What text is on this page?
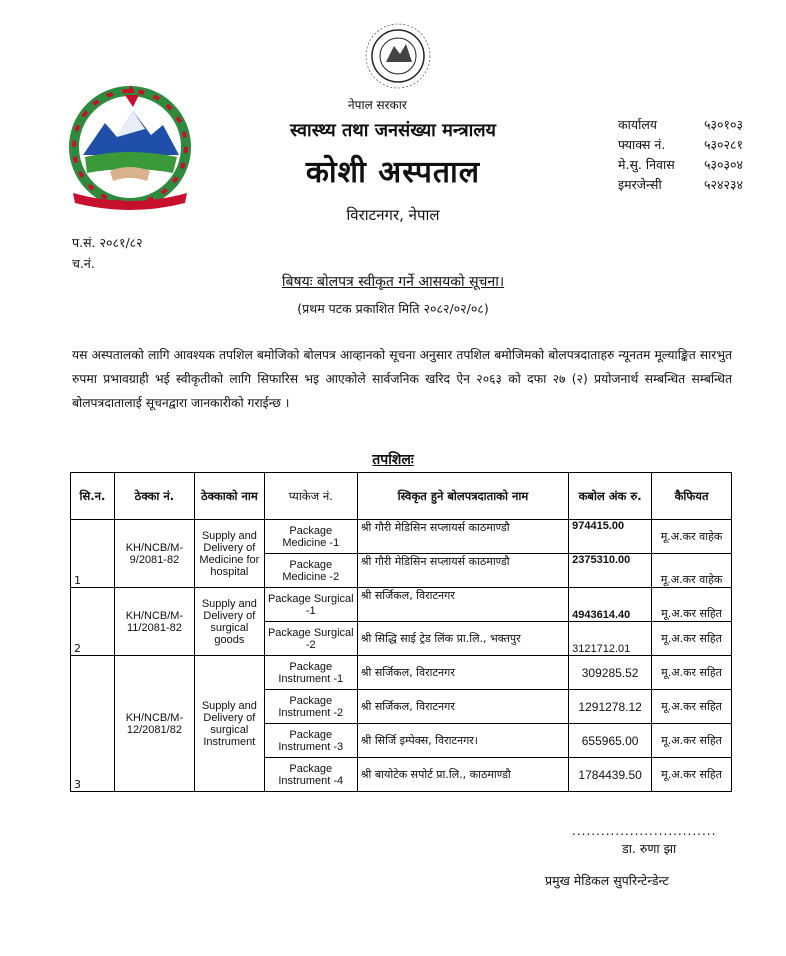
नेपाल सरकार
स्वास्थ्य तथा जनसंख्या मन्त्रालय
कोशी अस्पताल
विराटनगर, नेपाल
कार्यालय	५३०१०३
फ्याक्स नं.	५३०२८१
मे.सु. निवास	५३०३०४
इमरजेन्सी	५२४२३४
प.सं. २०८१/८२
च.नं.
बिषयः बोलपत्र स्वीकृत गर्ने आसयको सूचना।
(प्रथम पटक प्रकाशित मिति २०८२/०२/०८)
यस अस्पतालको लागि आवश्यक तपशिल बमोजिको बोलपत्र आव्हानको सूचना अनुसार तपशिल बमोजिमको बोलपत्रदाताहरु न्यूनतम मूल्याङ्कित सारभुत रुपमा प्रभावग्राही भई स्वीकृतीको लागि सिफारिस भइ आएकोले सार्वजनिक खरिद ऐन २०६३ को दफा २७ (२) प्रयोजनार्थ सम्बन्धित सम्बन्धित बोलपत्रदातालाई सूचनद्वारा जानकारीको गराईन्छ ।
तपशिलः
सि.न.	ठेक्का नं.	ठेक्काको नाम	प्याकेज नं.	स्विकृत हुने बोलपत्रदाताको नाम	कबोल अंक रु.	कैफियत
1	KH/NCB/M-9/2081-82	Supply and Delivery of Medicine for hospital	Package Medicine -1	श्री गौरी मेडिसिन सप्लायर्स काठमाण्डौ	974415.00	मू.अ.कर वाहेक
			Package Medicine -2	श्री गौरी मेडिसिन सप्लायर्स काठमाण्डौ	2375310.00	मू.अ.कर वाहेक
2	KH/NCB/M-11/2081-82	Supply and Delivery of surgical goods	Package Surgical -1	श्री सर्जिकल, विराटनगर	4943614.40	मू.अ.कर सहित
			Package Surgical -2	श्री सिद्धि साई ट्रेड लिंक प्रा.लि., भक्तपुर	3121712.01	मू.अ.कर सहित
3	KH/NCB/M-12/2081/82	Supply and Delivery of surgical Instrument	Package Instrument -1	श्री सर्जिकल, विराटनगर	309285.52	मू.अ.कर सहित
			Package Instrument -2	श्री सर्जिकल, विराटनगर	1291278.12	मू.अ.कर सहित
			Package Instrument -3	श्री सिर्जि इम्पेक्स, विराटनगर।	655965.00	मू.अ.कर सहित
			Package Instrument -4	श्री बायोटेक सपोर्ट प्रा.लि., काठमाण्डौ	1784439.50	मू.अ.कर सहित
..............................
डा. रुणा झा
प्रमुख मेडिकल सुपरिन्टेन्डेन्ट
